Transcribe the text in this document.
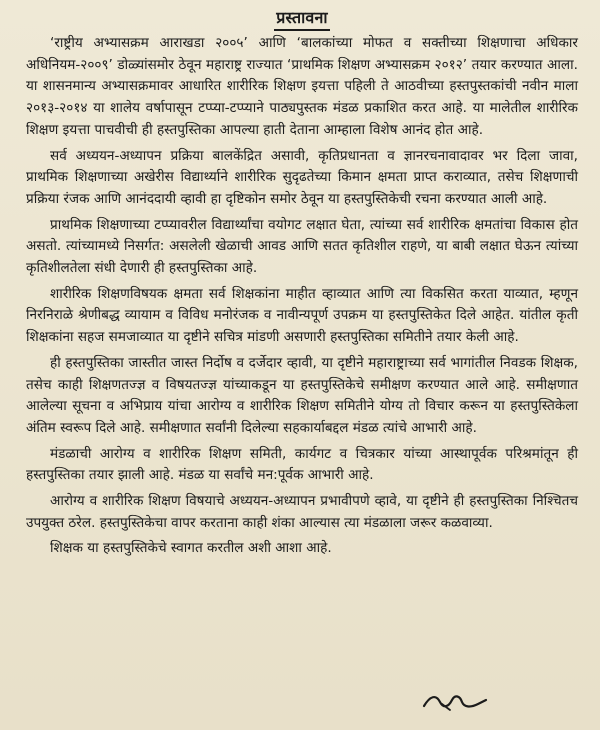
प्रस्तावना

‘राष्ट्रीय अभ्यासक्रम आराखडा २००५’ आणि ‘बालकांच्या मोफत व सक्तीच्या शिक्षणाचा अधिकार अधिनियम-२००९’ डोळ्यांसमोर ठेवून महाराष्ट्र राज्यात ‘प्राथमिक शिक्षण अभ्यासक्रम २०१२’ तयार करण्यात आला. या शासनमान्य अभ्यासक्रमावर आधारित शारीरिक शिक्षण इयत्ता पहिली ते आठवीच्या हस्तपुस्तकांची नवीन माला २०१३-२०१४ या शालेय वर्षापासून टप्प्या-टप्प्याने पाठ्यपुस्तक मंडळ प्रकाशित करत आहे. या मालेतील शारीरिक शिक्षण इयत्ता पाचवीची ही हस्तपुस्तिका आपल्या हाती देताना आम्हाला विशेष आनंद होत आहे.

सर्व अध्ययन-अध्यापन प्रक्रिया बालकेंद्रित असावी, कृतिप्रधानता व ज्ञानरचनावादावर भर दिला जावा, प्राथमिक शिक्षणाच्या अखेरीस विद्यार्थ्याने शारीरिक सुदृढतेच्या किमान क्षमता प्राप्त कराव्यात, तसेच शिक्षणाची प्रक्रिया रंजक आणि आनंददायी व्हावी हा दृष्टिकोन समोर ठेवून या हस्तपुस्तिकेची रचना करण्यात आली आहे.

प्राथमिक शिक्षणाच्या टप्प्यावरील विद्यार्थ्यांचा वयोगट लक्षात घेता, त्यांच्या सर्व शारीरिक क्षमतांचा विकास होत असतो. त्यांच्यामध्ये निसर्गत: असलेली खेळाची आवड आणि सतत कृतिशील राहणे, या बाबी लक्षात घेऊन त्यांच्या कृतिशीलतेला संधी देणारी ही हस्तपुस्तिका आहे.

शारीरिक शिक्षणविषयक क्षमता सर्व शिक्षकांना माहीत व्हाव्यात आणि त्या विकसित करता याव्यात, म्हणून निरनिराळे श्रेणीबद्ध व्यायाम व विविध मनोरंजक व नावीन्यपूर्ण उपक्रम या हस्तपुस्तिकेत दिले आहेत. यांतील कृती शिक्षकांना सहज समजाव्यात या दृष्टीने सचित्र मांडणी असणारी हस्तपुस्तिका समितीने तयार केली आहे.

ही हस्तपुस्तिका जास्तीत जास्त निर्दोष व दर्जेदार व्हावी, या दृष्टीने महाराष्ट्राच्या सर्व भागांतील निवडक शिक्षक, तसेच काही शिक्षणतज्ज्ञ व विषयतज्ज्ञ यांच्याकडून या हस्तपुस्तिकेचे समीक्षण करण्यात आले आहे. समीक्षणात आलेल्या सूचना व अभिप्राय यांचा आरोग्य व शारीरिक शिक्षण समितीने योग्य तो विचार करून या हस्तपुस्तिकेला अंतिम स्वरूप दिले आहे. समीक्षणात सर्वांनी दिलेल्या सहकार्याबद्दल मंडळ त्यांचे आभारी आहे.

मंडळाची आरोग्य व शारीरिक शिक्षण समिती, कार्यगट व चित्रकार यांच्या आस्थापूर्वक परिश्रमांतून ही हस्तपुस्तिका तयार झाली आहे. मंडळ या सर्वांचे मन:पूर्वक आभारी आहे.

आरोग्य व शारीरिक शिक्षण विषयाचे अध्ययन-अध्यापन प्रभावीपणे व्हावे, या दृष्टीने ही हस्तपुस्तिका निश्चितच उपयुक्त ठरेल. हस्तपुस्तिकेचा वापर करताना काही शंका आल्यास त्या मंडळाला जरूर कळवाव्या.

शिक्षक या हस्तपुस्तिकेचे स्वागत करतील अशी आशा आहे.
